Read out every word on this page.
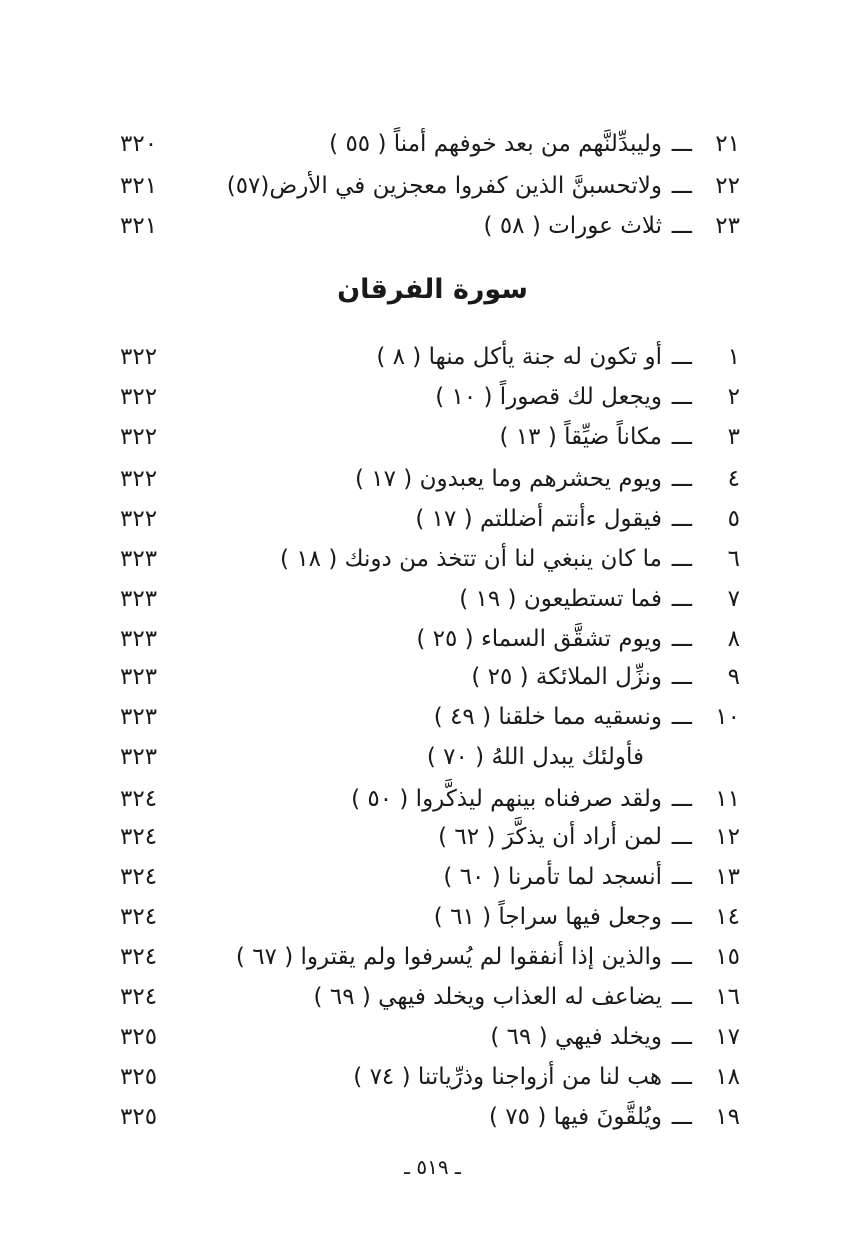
٢١
ـــ
وليبدِّلنَّهم من بعد خوفهم أمناً ( ٥٥ )
٣٢٠
٢٢
ـــ
ولاتحسبنَّ الذين كفروا معجزين في الأرض(٥٧)
٣٢١
٢٣
ـــ
ثلاث عورات ( ٥٨ )
٣٢١
سورة الفرقان
١
ـــ
أو تكون له جنة يأكل منها ( ٨ )
٣٢٢
٢
ـــ
ويجعل لك قصوراً ( ١٠ )
٣٢٢
٣
ـــ
مكاناً ضيِّقاً ( ١٣ )
٣٢٢
٤
ـــ
ويوم يحشرهم وما يعبدون ( ١٧ )
٣٢٢
٥
ـــ
فيقول ءأنتم أضللتم ( ١٧ )
٣٢٢
٦
ـــ
ما كان ينبغي لنا أن تتخذ من دونك ( ١٨ )
٣٢٣
٧
ـــ
فما تستطيعون ( ١٩ )
٣٢٣
٨
ـــ
ويوم تشقَّق السماء ( ٢٥ )
٣٢٣
٩
ـــ
ونزِّل الملائكة ( ٢٥ )
٣٢٣
١٠
ـــ
ونسقيه مما خلقنا ( ٤٩ )
٣٢٣
فأولئك يبدل اللهُ ( ٧٠ )
٣٢٣
١١
ـــ
ولقد صرفناه بينهم ليذكَّروا ( ٥٠ )
٣٢٤
١٢
ـــ
لمن أراد أن يذكَّرَ ( ٦٢ )
٣٢٤
١٣
ـــ
أنسجد لما تأمرنا ( ٦٠ )
٣٢٤
١٤
ـــ
وجعل فيها سراجاً ( ٦١ )
٣٢٤
١٥
ـــ
والذين إذا أنفقوا لم يُسرفوا ولم يقتروا ( ٦٧ )
٣٢٤
١٦
ـــ
يضاعف له العذاب ويخلد فيهي ( ٦٩ )
٣٢٤
١٧
ـــ
ويخلد فيهي ( ٦٩ )
٣٢٥
١٨
ـــ
هب لنا من أزواجنا وذرِّياتنا ( ٧٤ )
٣٢٥
١٩
ـــ
ويُلقَّونَ فيها ( ٧٥ )
٣٢٥
ـ ٥١٩ ـ
